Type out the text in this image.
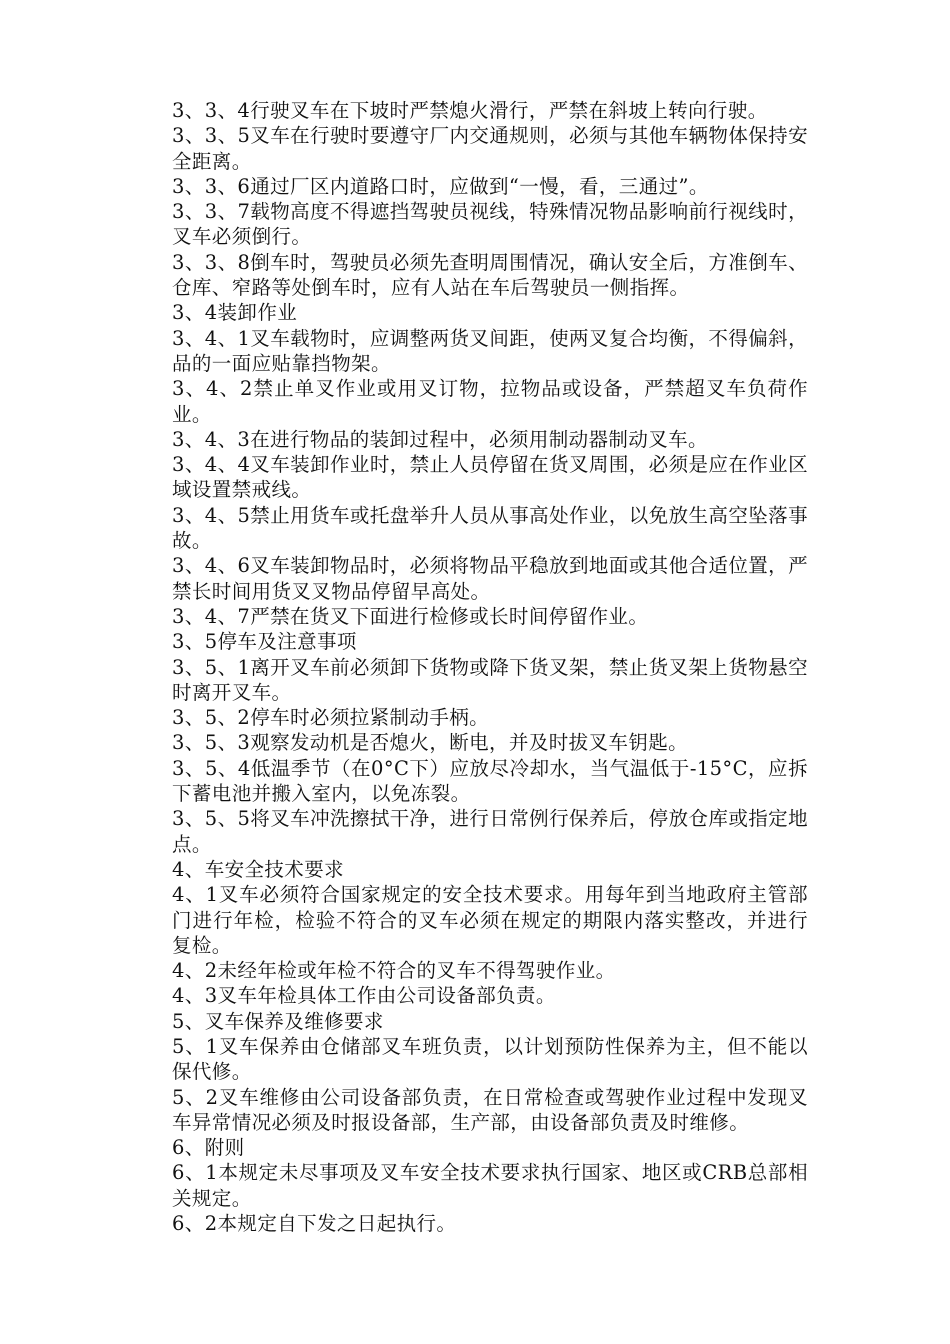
3、3、4行驶叉车在下坡时严禁熄火滑行，严禁在斜坡上转向行驶。

3、3、5叉车在行驶时要遵守厂内交通规则，必须与其他车辆物体保持安全距离。

3、3、6通过厂区内道路口时，应做到“一慢，看，三通过”。

3、3、7载物高度不得遮挡驾驶员视线，特殊情况物品影响前行视线时，叉车必须倒行。

3、3、8倒车时，驾驶员必须先查明周围情况，确认安全后，方准倒车、仓库、窄路等处倒车时，应有人站在车后驾驶员一侧指挥。

3、4装卸作业

3、4、1叉车载物时，应调整两货叉间距，使两叉复合均衡，不得偏斜，品的一面应贴靠挡物架。

3、4、2禁止单叉作业或用叉订物，拉物品或设备，严禁超叉车负荷作业。

3、4、3在进行物品的装卸过程中，必须用制动器制动叉车。

3、4、4叉车装卸作业时，禁止人员停留在货叉周围，必须是应在作业区域设置禁戒线。

3、4、5禁止用货车或托盘举升人员从事高处作业，以免放生高空坠落事故。

3、4、6叉车装卸物品时，必须将物品平稳放到地面或其他合适位置，严禁长时间用货叉叉物品停留早高处。

3、4、7严禁在货叉下面进行检修或长时间停留作业。

3、5停车及注意事项

3、5、1离开叉车前必须卸下货物或降下货叉架，禁止货叉架上货物悬空时离开叉车。

3、5、2停车时必须拉紧制动手柄。

3、5、3观察发动机是否熄火，断电，并及时拔叉车钥匙。

3、5、4低温季节（在0°C下）应放尽冷却水，当气温低于-15°C，应拆下蓄电池并搬入室内，以免冻裂。

3、5、5将叉车冲洗擦拭干净，进行日常例行保养后，停放仓库或指定地点。

4、车安全技术要求

4、1叉车必须符合国家规定的安全技术要求。用每年到当地政府主管部门进行年检，检验不符合的叉车必须在规定的期限内落实整改，并进行复检。

4、2未经年检或年检不符合的叉车不得驾驶作业。

4、3叉车年检具体工作由公司设备部负责。

5、叉车保养及维修要求

5、1叉车保养由仓储部叉车班负责，以计划预防性保养为主，但不能以保代修。

5、2叉车维修由公司设备部负责，在日常检查或驾驶作业过程中发现叉车异常情况必须及时报设备部，生产部，由设备部负责及时维修。

6、附则

6、1本规定未尽事项及叉车安全技术要求执行国家、地区或CRB总部相关规定。

6、2本规定自下发之日起执行。
